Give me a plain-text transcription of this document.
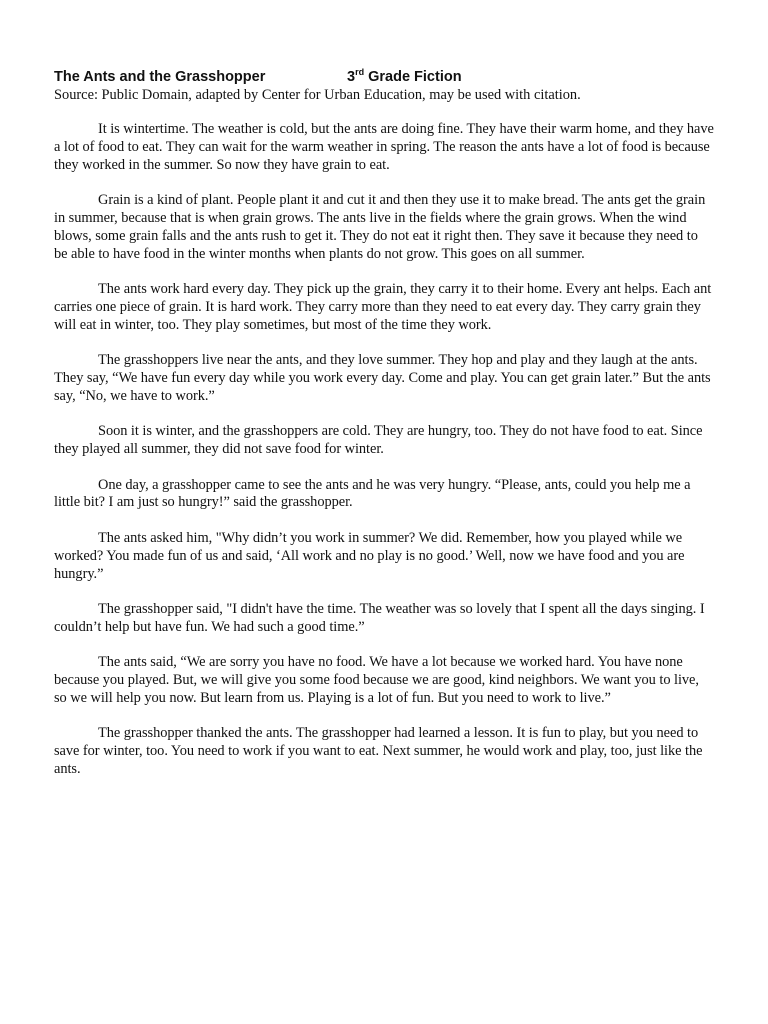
The Ants and the Grasshopper	3rd Grade Fiction
Source: Public Domain, adapted by Center for Urban Education, may be used with citation.

It is wintertime. The weather is cold, but the ants are doing fine. They have their warm home, and they have a lot of food to eat. They can wait for the warm weather in spring. The reason the ants have a lot of food is because they worked in the summer. So now they have grain to eat.

Grain is a kind of plant. People plant it and cut it and then they use it to make bread. The ants get the grain in summer, because that is when grain grows. The ants live in the fields where the grain grows. When the wind blows, some grain falls and the ants rush to get it. They do not eat it right then. They save it because they need to be able to have food in the winter months when plants do not grow. This goes on all summer.

The ants work hard every day. They pick up the grain, they carry it to their home. Every ant helps. Each ant carries one piece of grain. It is hard work. They carry more than they need to eat every day. They carry grain they will eat in winter, too. They play sometimes, but most of the time they work.

The grasshoppers live near the ants, and they love summer. They hop and play and they laugh at the ants. They say, “We have fun every day while you work every day. Come and play. You can get grain later.” But the ants say, “No, we have to work.”

Soon it is winter, and the grasshoppers are cold. They are hungry, too. They do not have food to eat. Since they played all summer, they did not save food for winter.

One day, a grasshopper came to see the ants and he was very hungry. “Please, ants, could you help me a little bit? I am just so hungry!” said the grasshopper.

The ants asked him, "Why didn’t you work in summer? We did. Remember, how you played while we worked? You made fun of us and said, ‘All work and no play is no good.’ Well, now we have food and you are hungry.”

The grasshopper said, "I didn't have the time. The weather was so lovely that I spent all the days singing. I couldn’t help but have fun. We had such a good time.”

The ants said, “We are sorry you have no food. We have a lot because we worked hard. You have none because you played. But, we will give you some food because we are good, kind neighbors. We want you to live, so we will help you now. But learn from us. Playing is a lot of fun. But you need to work to live.”

The grasshopper thanked the ants. The grasshopper had learned a lesson. It is fun to play, but you need to save for winter, too. You need to work if you want to eat. Next summer, he would work and play, too, just like the ants.
